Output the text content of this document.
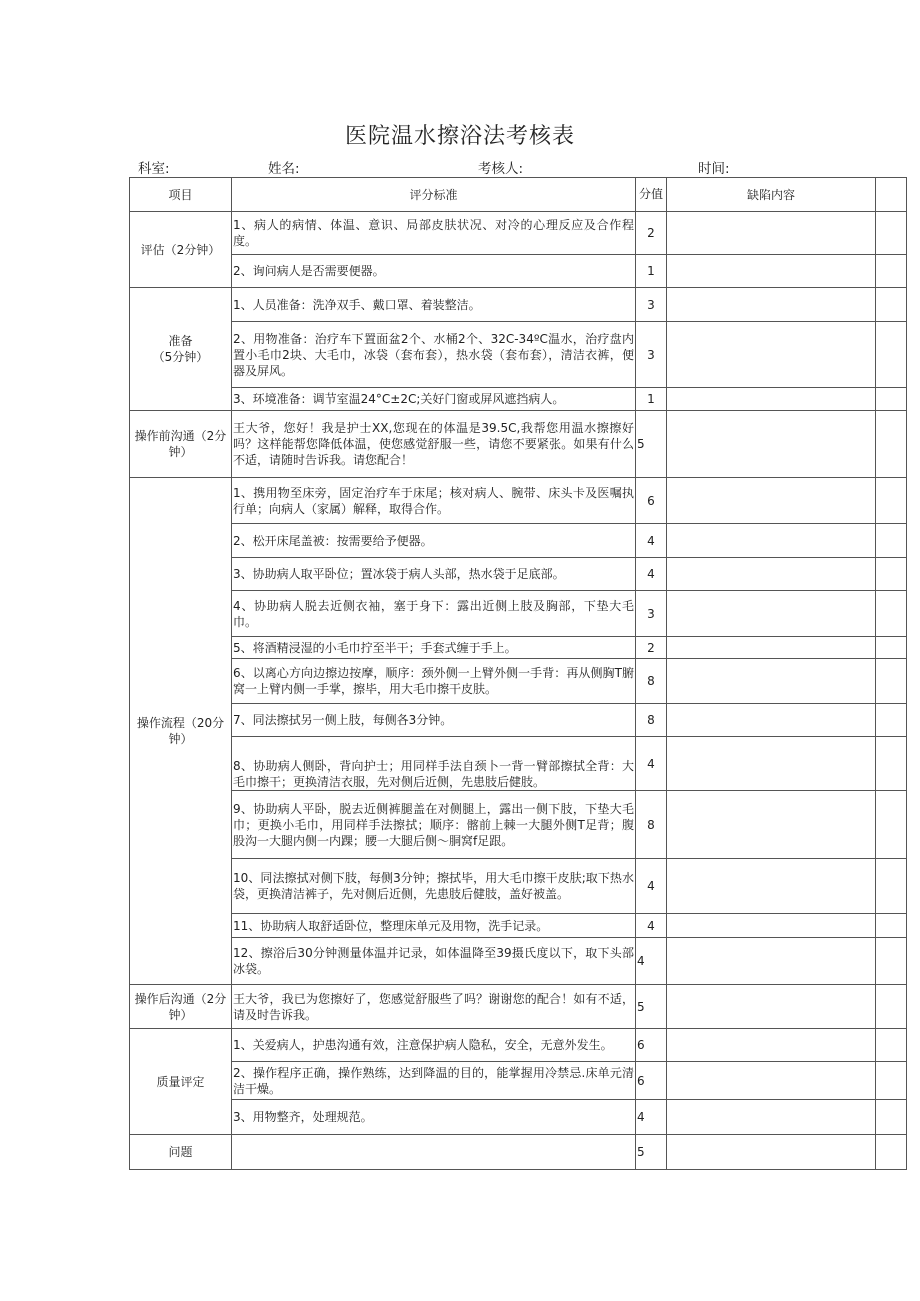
医院温水擦浴法考核表
科室:	姓名:	考核人:	时间:
项目	评分标准	分值	缺陷内容	
评估（2分钟）	1、病人的病情、体温、意识、局部皮肤状况、对冷的心理反应及合作程度。	2		
	2、询问病人是否需要便器。	1		
准备
（5分钟）	1、人员准备：洗净双手、戴口罩、着装整洁。	3		
	2、用物准备：治疗车下置面盆2个、水桶2个、32C-34ºC温水，治疗盘内置小毛巾2块、大毛巾，冰袋（套布套），热水袋（套布套），清洁衣裤，便器及屏风。	3		
	3、环境准备：调节室温24°C±2C;关好门窗或屏风遮挡病人。	1		
操作前沟通（2分钟）	王大爷，您好！我是护士XX,您现在的体温是39.5C,我帮您用温水擦擦好吗？这样能帮您降低体温，使您感觉舒服一些，请您不要紧张。如果有什么不适，请随时告诉我。请您配合！	5		
操作流程（20分钟）	1、携用物至床旁，固定治疗车于床尾；核对病人、腕带、床头卡及医嘱执行单；向病人（家属）解释，取得合作。	6		
	2、松开床尾盖被：按需要给予便器。	4		
	3、协助病人取平卧位；置冰袋于病人头部，热水袋于足底部。	4		
	4、协助病人脱去近侧衣袖，塞于身下：露出近侧上肢及胸部，下垫大毛巾。	3		
	5、将酒精浸湿的小毛巾拧至半干；手套式缠于手上。	2		
	6、以离心方向边擦边按摩，顺序：颈外侧一上臂外侧一手背：再从侧胸T腑窝一上臂内侧一手掌，擦毕，用大毛巾擦干皮肤。	8		
	7、同法擦拭另一侧上肢，每侧各3分钟。	8		
	8、协助病人侧卧，背向护士；用同样手法自颈卜一背一臂部擦拭全背：大毛巾擦干；更换清洁衣服，先对侧后近侧，先患肢后健肢。	4		
	9、协助病人平卧，脱去近侧裤腿盖在对侧腿上，露出一侧下肢，下垫大毛巾；更换小毛巾，用同样手法擦拭；顺序：髂前上棘一大腿外侧T足背；腹股沟一大腿内侧一内踝；腰一大腿后侧～胴窝f足跟。	8		
	10、同法擦拭对侧下肢，每侧3分钟；擦拭毕，用大毛巾擦干皮肤;取下热水袋，更换清洁裤子，先对侧后近侧，先患肢后健肢，盖好被盖。	4		
	11、协助病人取舒适卧位，整理床单元及用物，洗手记录。	4		
	12、擦浴后30分钟测量体温并记录，如体温降至39摄氏度以下，取下头部冰袋。	4		
操作后沟通（2分钟）	王大爷，我已为您擦好了，您感觉舒服些了吗？谢谢您的配合！如有不适，请及时告诉我。	5		
质量评定	1、关爱病人，护患沟通有效，注意保护病人隐私，安全，无意外发生。	6		
	2、操作程序正确，操作熟练，达到降温的目的，能掌握用冷禁忌.床单元清洁干燥。	6		
	3、用物整齐，处理规范。	4		
问题		5		
